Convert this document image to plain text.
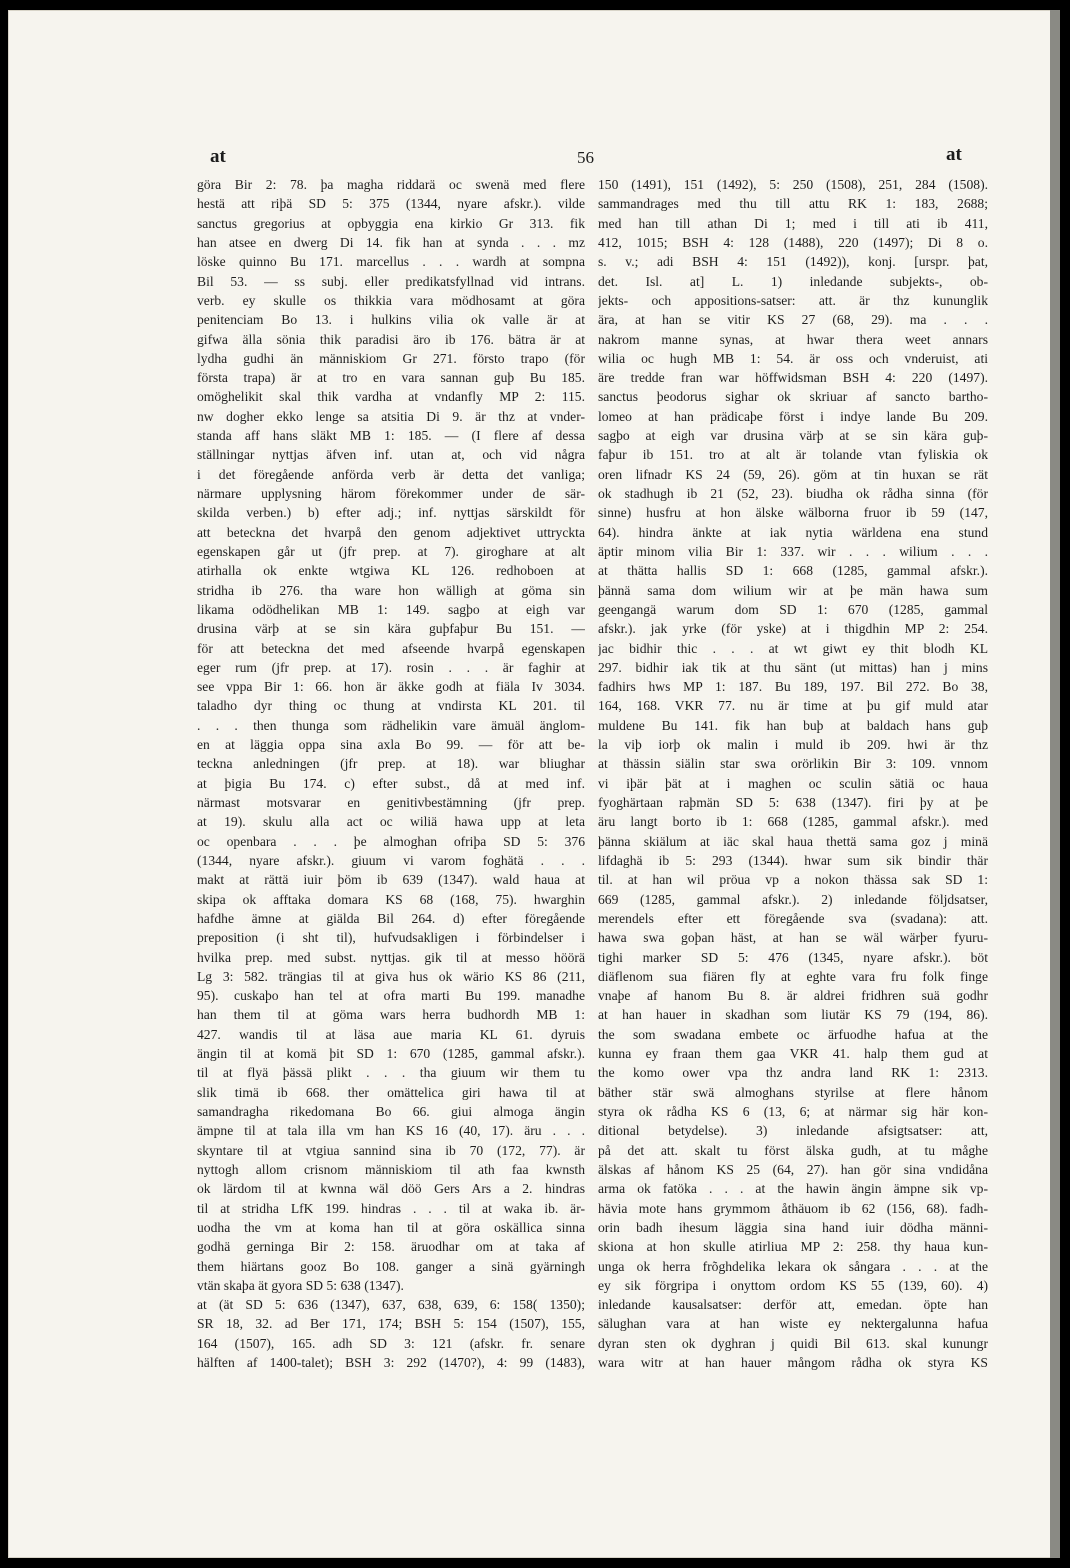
at	56	at
göra Bir 2: 78. þa magha riddarä oc swenä med flere
hestä att riþä SD 5: 375 (1344, nyare afskr.). vilde
sanctus gregorius at opbyggia ena kirkio Gr 313. fik
han atsee en dwerg Di 14. fik han at synda . . . mz
löske quinno Bu 171. marcellus . . . wardh at sompna
Bil 53. — ss subj. eller predikatsfyllnad vid intrans.
verb. ey skulle os thikkia vara mödhosamt at göra
penitenciam Bo 13. i hulkins vilia ok valle är at
gifwa älla sönia thik paradisi äro ib 176. bätra är at
lydha gudhi än människiom Gr 271. försto trapo (för
första trapa) är at tro en vara sannan guþ Bu 185.
omöghelikit skal thik vardha at vndanfly MP 2: 115.
nw dogher ekko lenge sa atsitia Di 9. är thz at vnder-
standa aff hans släkt MB 1: 185. — (I flere af dessa
ställningar nyttjas äfven inf. utan at, och vid några
i det föregående anförda verb är detta det vanliga;
närmare upplysning härom förekommer under de sär-
skilda verben.) b) efter adj.; inf. nyttjas särskildt för
att beteckna det hvarpå den genom adjektivet uttryckta
egenskapen går ut (jfr prep. at 7). giroghare at alt
atirhalla ok enkte wtgiwa KL 126. redhoboen at
stridha ib 276. tha ware hon wälligh at göma sin
likama odödhelikan MB 1: 149. sagþo at eigh var
drusina värþ at se sin kära guþfaþur Bu 151. —
för att beteckna det med afseende hvarpå egenskapen
eger rum (jfr prep. at 17). rosin . . . är faghir at
see vppa Bir 1: 66. hon är äkke godh at fiäla Iv 3034.
taladho dyr thing oc thung at vndirsta KL 201. til
. . . then thunga som rädhelikin vare ämuäl änglom-
en at läggia oppa sina axla Bo 99. — för att be-
teckna anledningen (jfr prep. at 18). war bliughar
at þigia Bu 174. c) efter subst., då at med inf.
närmast motsvarar en genitivbestämning (jfr prep.
at 19). skulu alla act oc wiliä hawa upp at leta
oc openbara . . . þe almoghan ofriþa SD 5: 376
(1344, nyare afskr.). giuum vi varom foghätä . . .
makt at rättä iuir þöm ib 639 (1347). wald haua at
skipa ok afftaka domara KS 68 (168, 75). hwarghin
hafdhe ämne at giälda Bil 264. d) efter föregående
preposition (i sht til), hufvudsakligen i förbindelser i
hvilka prep. med subst. nyttjas. gik til at messo höörä
Lg 3: 582. trängias til at giva hus ok wärio KS 86 (211,
95). cuskaþo han tel at ofra marti Bu 199. manadhe
han them til at göma wars herra budhordh MB 1:
427. wandis til at läsa aue maria KL 61. dyruis
ängin til at komä þit SD 1: 670 (1285, gammal afskr.).
til at flyä þässä plikt . . . tha giuum wir them tu
slik timä ib 668. ther omättelica giri hawa til at
samandragha rikedomana Bo 66. giui almoga ängin
ämpne til at tala illa vm han KS 16 (40, 17). äru . . .
skyntare til at vtgiua sannind sina ib 70 (172, 77). är
nyttogh allom crisnom människiom til ath faa kwnsth
ok lärdom til at kwnna wäl döö Gers Ars a 2. hindras
til at stridha LfK 199. hindras . . . til at waka ib. är-
uodha the vm at koma han til at göra oskällica sinna
godhä gerninga Bir 2: 158. äruodhar om at taka af
them hiärtans gooz Bo 108. ganger a sinä gyärningh
vtän skaþa ät gyora SD 5: 638 (1347).
at (ät SD 5: 636 (1347), 637, 638, 639, 6: 158( 1350);
SR 18, 32. ad Ber 171, 174; BSH 5: 154 (1507), 155,
164 (1507), 165. adh SD 3: 121 (afskr. fr. senare
hälften af 1400-talet); BSH 3: 292 (1470?), 4: 99 (1483),
150 (1491), 151 (1492), 5: 250 (1508), 251, 284 (1508).
sammandrages med thu till attu RK 1: 183, 2688;
med han till athan Di 1; med i till ati ib 411,
412, 1015; BSH 4: 128 (1488), 220 (1497); Di 8 o.
s. v.; adi BSH 4: 151 (1492)), konj. [urspr. þat,
det. Isl. at] L. 1) inledande subjekts-, ob-
jekts- och appositions-satser: att. är thz kununglik
ära, at han se vitir KS 27 (68, 29). ma . . .
nakrom manne synas, at hwar thera weet annars
wilia oc hugh MB 1: 54. är oss och vnderuist, ati
äre tredde fran war höffwidsman BSH 4: 220 (1497).
sanctus þeodorus sighar ok skriuar af sancto bartho-
lomeo at han prädicaþe först i indye lande Bu 209.
sagþo at eigh var drusina värþ at se sin kära guþ-
faþur ib 151. tro at alt är tolande vtan fyliskia ok
oren lifnadr KS 24 (59, 26). göm at tin huxan se rät
ok stadhugh ib 21 (52, 23). biudha ok rådha sinna (för
sinne) husfru at hon älske wälborna fruor ib 59 (147,
64). hindra änkte at iak nytia wärldena ena stund
äptir minom vilia Bir 1: 337. wir . . . wilium . . .
at thätta hallis SD 1: 668 (1285, gammal afskr.).
þännä sama dom wilium wir at þe män hawa sum
geengangä warum dom SD 1: 670 (1285, gammal
afskr.). jak yrke (för yske) at i thigdhin MP 2: 254.
jac bidhir thic . . . at wt giwt ey thit blodh KL
297. bidhir iak tik at thu sänt (ut mittas) han j mins
fadhirs hws MP 1: 187. Bu 189, 197. Bil 272. Bo 38,
164, 168. VKR 77. nu är time at þu gif muld atar
muldene Bu 141. fik han buþ at baldach hans guþ
la viþ iorþ ok malin i muld ib 209. hwi är thz
at thässin siälin star swa orörlikin Bir 3: 109. vnnom
vi iþär þät at i maghen oc sculin sätiä oc haua
fyoghärtaan raþmän SD 5: 638 (1347). firi þy at þe
äru langt borto ib 1: 668 (1285, gammal afskr.). med
þänna skiälum at iäc skal haua thettä sama goz j minä
lifdaghä ib 5: 293 (1344). hwar sum sik bindir thär
til. at han wil pröua vp a nokon thässa sak SD 1:
669 (1285, gammal afskr.). 2) inledande följdsatser,
merendels efter ett föregående sva (svadana): att.
hawa swa goþan häst, at han se wäl wärþer fyuru-
tighi marker SD 5: 476 (1345, nyare afskr.). böt
diäflenom sua fiären fly at eghte vara fru folk finge
vnaþe af hanom Bu 8. är aldrei fridhren suä godhr
at han hauer in skadhan som liutär KS 79 (194, 86).
the som swadana embete oc ärfuodhe hafua at the
kunna ey fraan them gaa VKR 41. halp them gud at
the komo ower vpa thz andra land RK 1: 2313.
bäther stär swä almoghans styrilse at flere hånom
styra ok rådha KS 6 (13, 6; at närmar sig här kon-
ditional betydelse). 3) inledande afsigtsatser: att,
på det att. skalt tu först älska gudh, at tu måghe
älskas af hånom KS 25 (64, 27). han gör sina vndidåna
arma ok fatöka . . . at the hawin ängin ämpne sik vp-
hävia mote hans grymmom åthäuom ib 62 (156, 68). fadh-
orin badh ihesum läggia sina hand iuir dödha männi-
skiona at hon skulle atirliua MP 2: 258. thy haua kun-
unga ok herra frõghdelika lekara ok sångara . . . at the
ey sik förgripa i onyttom ordom KS 55 (139, 60). 4)
inledande kausalsatser: derför att, emedan. öpte han
sälughan vara at han wiste ey nektergalunna hafua
dyran sten ok dyghran j quidi Bil 613. skal kunungr
wara witr at han hauer mångom rådha ok styra KS
